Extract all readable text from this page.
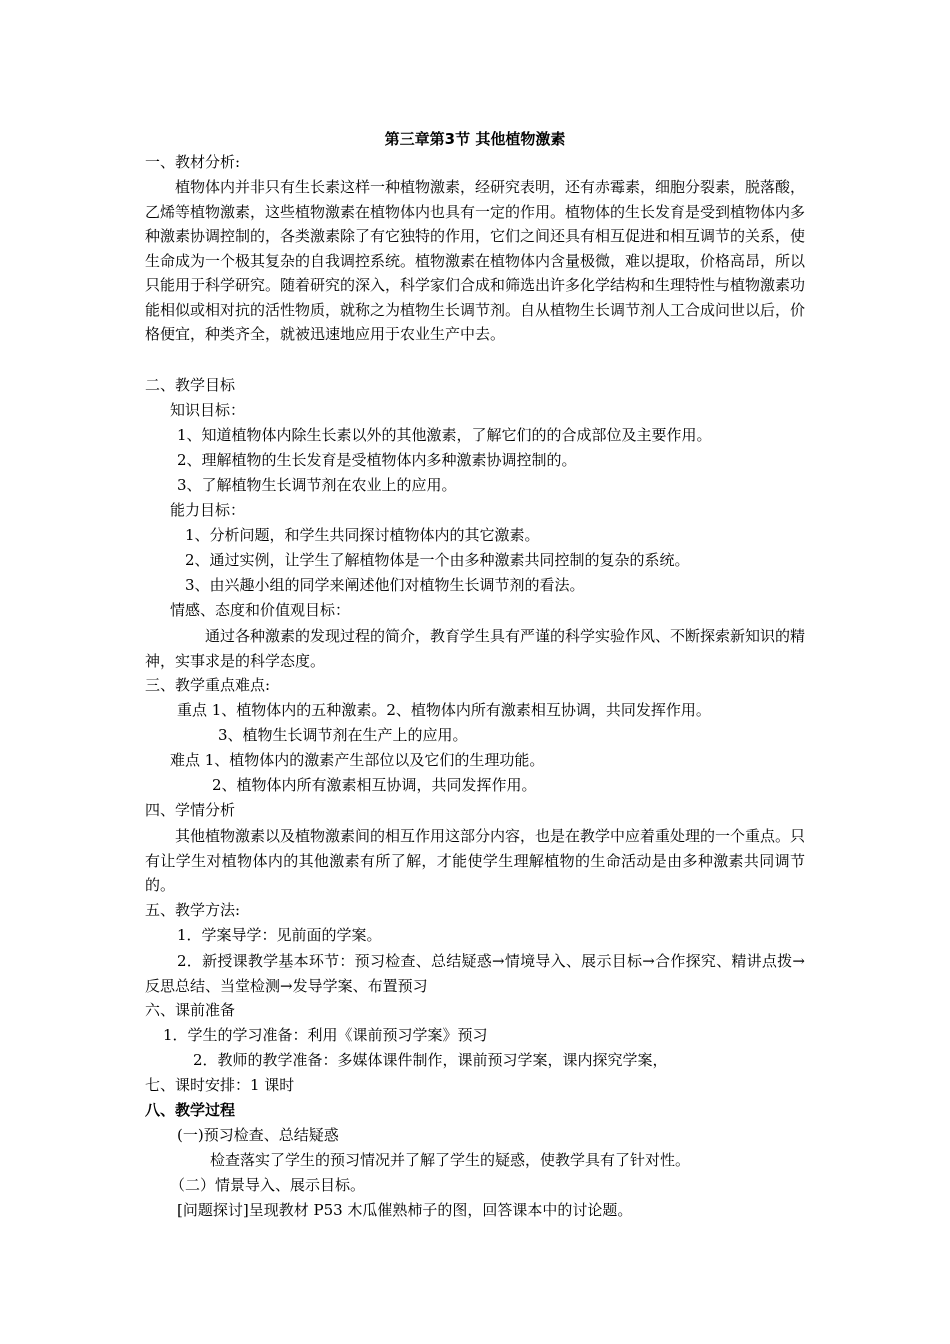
第三章第3节 其他植物激素
一、教材分析:
植物体内并非只有生长素这样一种植物激素，经研究表明，还有赤霉素，细胞分裂素，脱落酸，乙烯等植物激素，这些植物激素在植物体内也具有一定的作用。植物体的生长发育是受到植物体内多种激素协调控制的，各类激素除了有它独特的作用，它们之间还具有相互促进和相互调节的关系，使生命成为一个极其复杂的自我调控系统。植物激素在植物体内含量极微，难以提取，价格高昂，所以只能用于科学研究。随着研究的深入，科学家们合成和筛选出许多化学结构和生理特性与植物激素功能相似或相对抗的活性物质，就称之为植物生长调节剂。自从植物生长调节剂人工合成问世以后，价格便宜，种类齐全，就被迅速地应用于农业生产中去。
二、教学目标
知识目标：
1、知道植物体内除生长素以外的其他激素，了解它们的的合成部位及主要作用。
2、理解植物的生长发育是受植物体内多种激素协调控制的。
3、了解植物生长调节剂在农业上的应用。
能力目标：
1、分析问题，和学生共同探讨植物体内的其它激素。
2、通过实例，让学生了解植物体是一个由多种激素共同控制的复杂的系统。
3、由兴趣小组的同学来阐述他们对植物生长调节剂的看法。
情感、态度和价值观目标：
通过各种激素的发现过程的简介，教育学生具有严谨的科学实验作风、不断探索新知识的精神，实事求是的科学态度。
三、教学重点难点:
重点 1、植物体内的五种激素。2、植物体内所有激素相互协调，共同发挥作用。
3、植物生长调节剂在生产上的应用。
难点 1、植物体内的激素产生部位以及它们的生理功能。
2、植物体内所有激素相互协调，共同发挥作用。
四、学情分析
其他植物激素以及植物激素间的相互作用这部分内容，也是在教学中应着重处理的一个重点。只有让学生对植物体内的其他激素有所了解，才能使学生理解植物的生命活动是由多种激素共同调节的。
五、教学方法:
1．学案导学：见前面的学案。
2．新授课教学基本环节：预习检查、总结疑惑→情境导入、展示目标→合作探究、精讲点拨→反思总结、当堂检测→发导学案、布置预习
六、课前准备
1．学生的学习准备：利用《课前预习学案》预习
2．教师的教学准备：多媒体课件制作，课前预习学案，课内探究学案，
七、课时安排：1 课时
八、教学过程
(一)预习检查、总结疑惑
检查落实了学生的预习情况并了解了学生的疑惑，使教学具有了针对性。
（二）情景导入、展示目标。
[问题探讨]呈现教材 P53 木瓜催熟柿子的图，回答课本中的讨论题。
